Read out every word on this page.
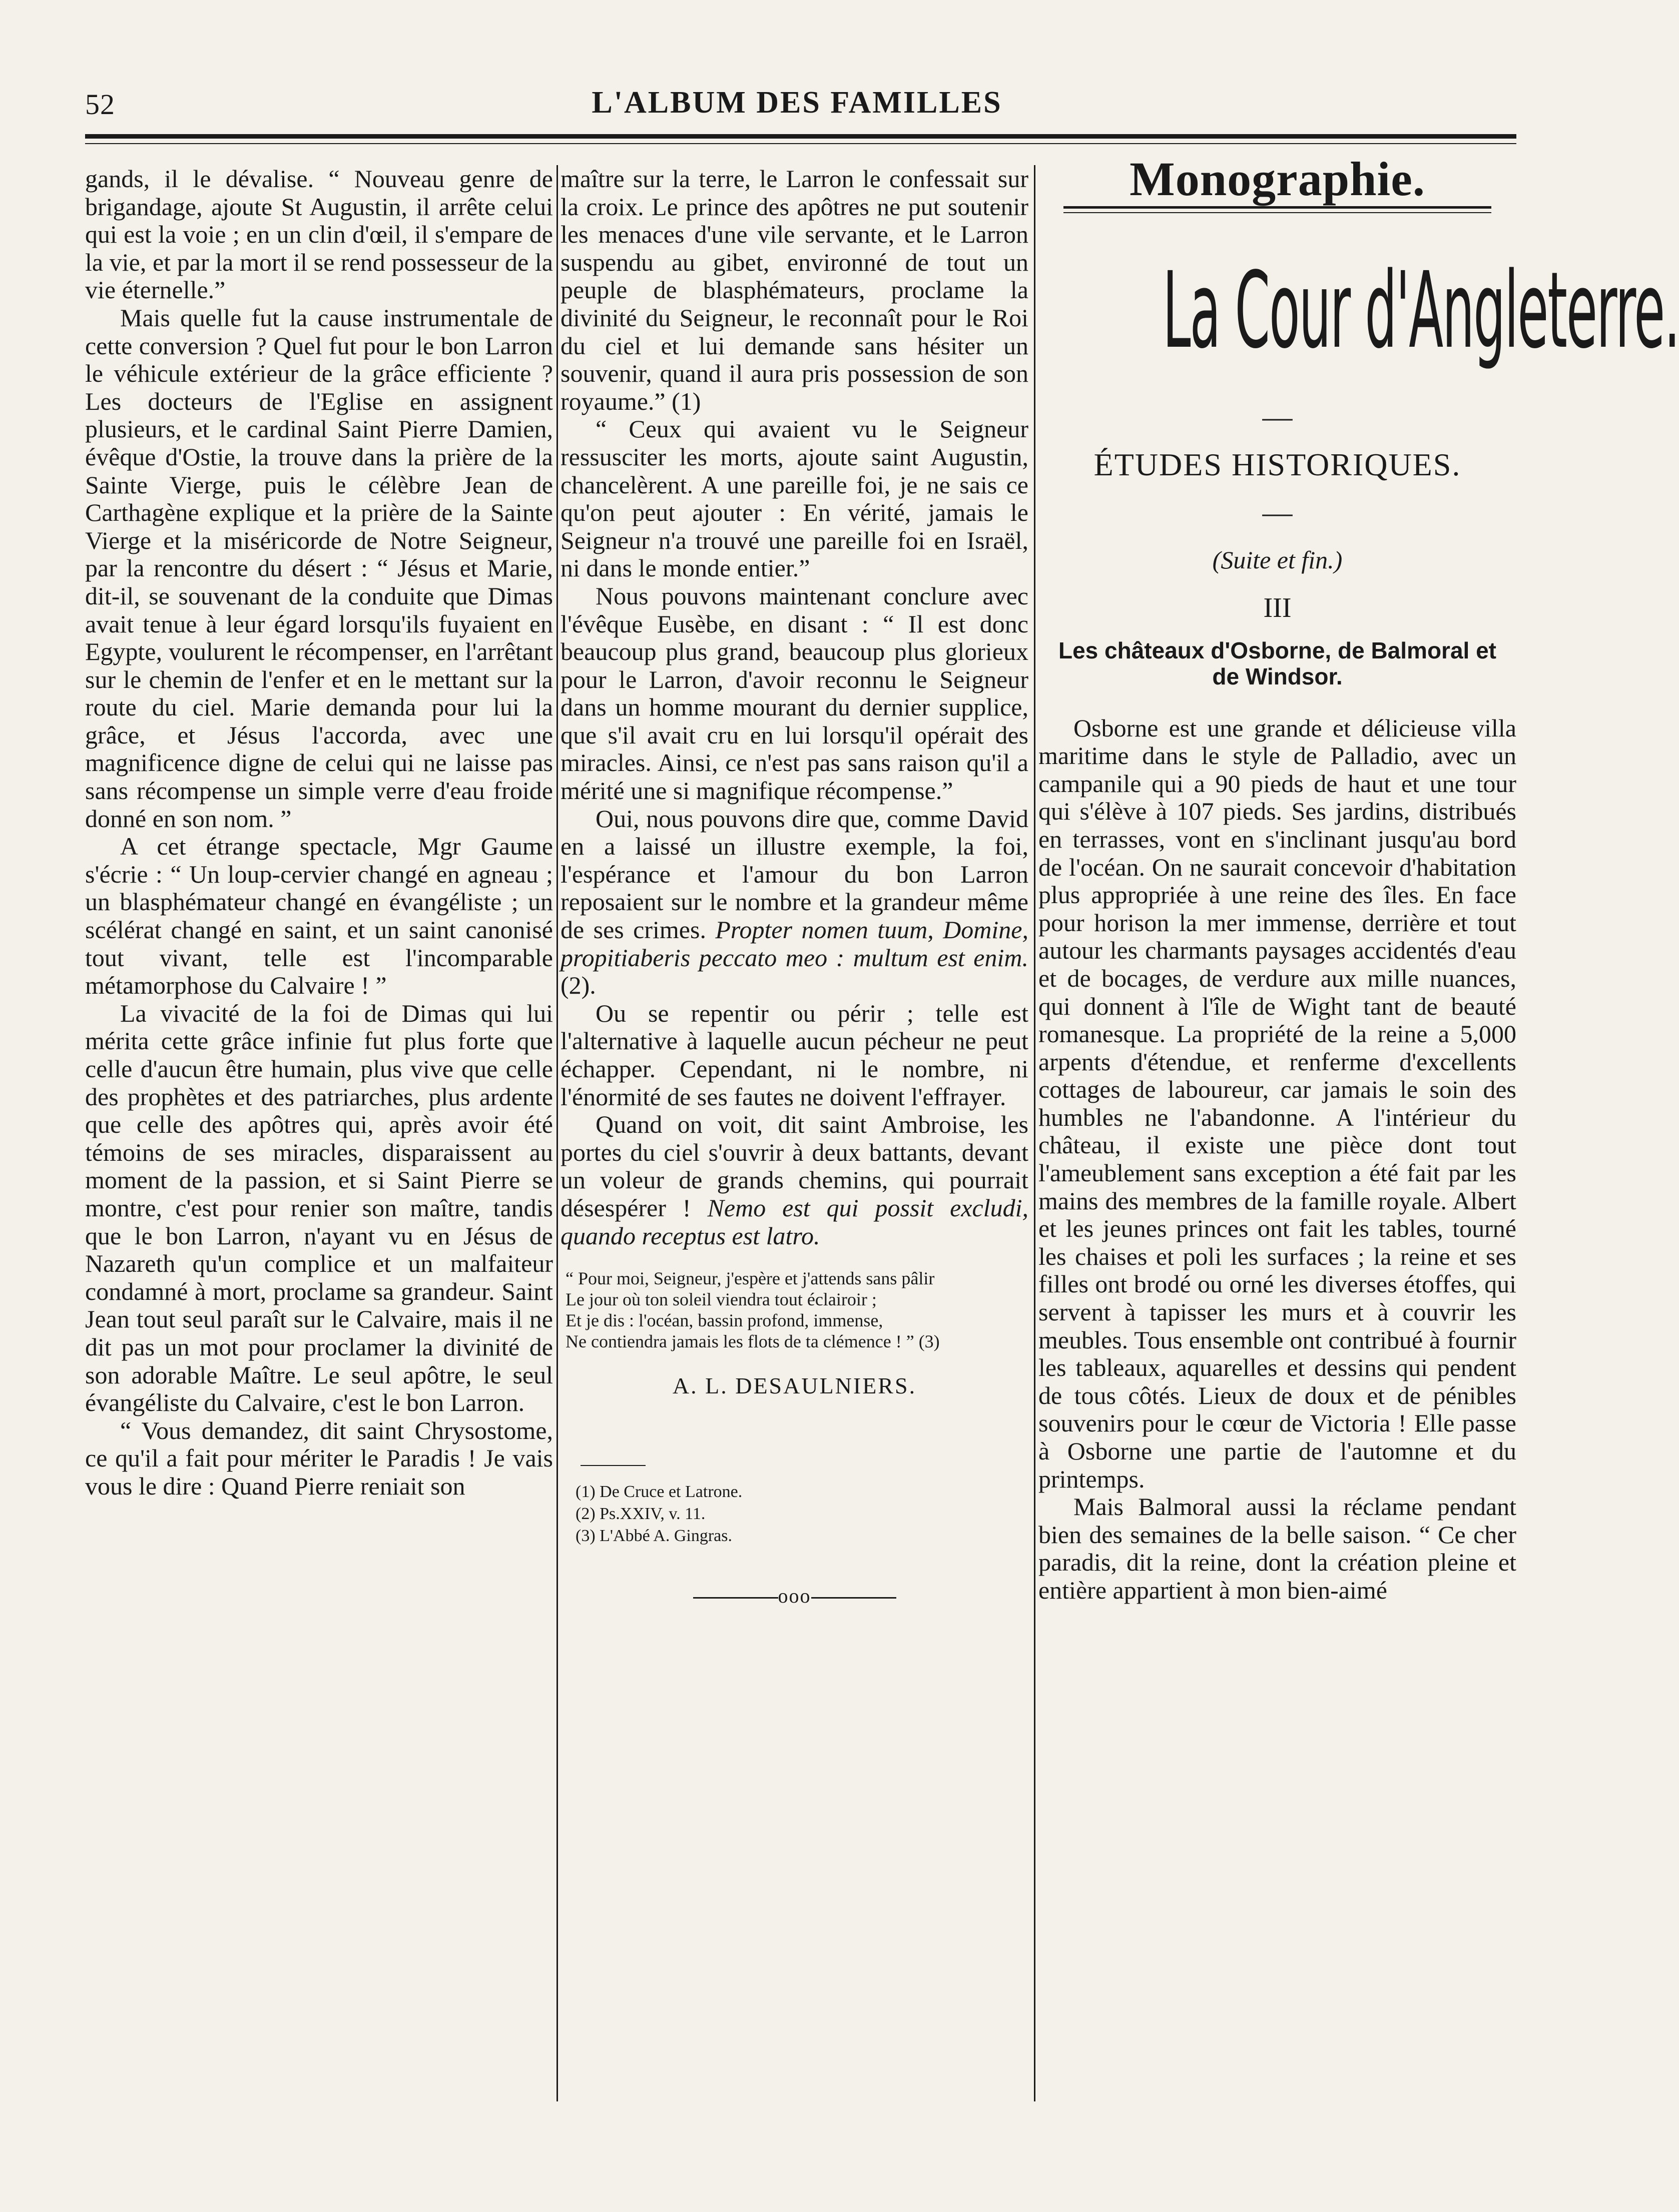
52	L'ALBUM DES FAMILLES

gands, il le dévalise. “ Nouveau genre de brigandage, ajoute St Augustin, il arrête celui qui est la voie ; en un clin d'œil, il s'empare de la vie, et par la mort il se rend possesseur de la vie éternelle.”

Mais quelle fut la cause instrumentale de cette conversion ? Quel fut pour le bon Larron le véhicule extérieur de la grâce efficiente ? Les docteurs de l'Eglise en assignent plusieurs, et le cardinal Saint Pierre Damien, évêque d'Ostie, la trouve dans la prière de la Sainte Vierge, puis le célèbre Jean de Carthagène explique et la prière de la Sainte Vierge et la miséricorde de Notre Seigneur, par la rencontre du désert : “ Jésus et Marie, dit-il, se souvenant de la conduite que Dimas avait tenue à leur égard lorsqu'ils fuyaient en Egypte, voulurent le récompenser, en l'arrêtant sur le chemin de l'enfer et en le mettant sur la route du ciel. Marie demanda pour lui la grâce, et Jésus l'accorda, avec une magnificence digne de celui qui ne laisse pas sans récompense un simple verre d'eau froide donné en son nom. ”

A cet étrange spectacle, Mgr Gaume s'écrie : “ Un loup-cervier changé en agneau ; un blasphémateur changé en évangéliste ; un scélérat changé en saint, et un saint canonisé tout vivant, telle est l'incomparable métamorphose du Calvaire ! ”

La vivacité de la foi de Dimas qui lui mérita cette grâce infinie fut plus forte que celle d'aucun être humain, plus vive que celle des prophètes et des patriarches, plus ardente que celle des apôtres qui, après avoir été témoins de ses miracles, disparaissent au moment de la passion, et si Saint Pierre se montre, c'est pour renier son maître, tandis que le bon Larron, n'ayant vu en Jésus de Nazareth qu'un complice et un malfaiteur condamné à mort, proclame sa grandeur. Saint Jean tout seul paraît sur le Calvaire, mais il ne dit pas un mot pour proclamer la divinité de son adorable Maître. Le seul apôtre, le seul évangéliste du Calvaire, c'est le bon Larron.

“ Vous demandez, dit saint Chrysostome, ce qu'il a fait pour mériter le Paradis ! Je vais vous le dire : Quand Pierre reniait son

maître sur la terre, le Larron le confessait sur la croix. Le prince des apôtres ne put soutenir les menaces d'une vile servante, et le Larron suspendu au gibet, environné de tout un peuple de blasphémateurs, proclame la divinité du Seigneur, le reconnaît pour le Roi du ciel et lui demande sans hésiter un souvenir, quand il aura pris possession de son royaume.” (1)

“ Ceux qui avaient vu le Seigneur ressusciter les morts, ajoute saint Augustin, chancelèrent. A une pareille foi, je ne sais ce qu'on peut ajouter : En vérité, jamais le Seigneur n'a trouvé une pareille foi en Israël, ni dans le monde entier.”

Nous pouvons maintenant conclure avec l'évêque Eusèbe, en disant : “ Il est donc beaucoup plus grand, beaucoup plus glorieux pour le Larron, d'avoir reconnu le Seigneur dans un homme mourant du dernier supplice, que s'il avait cru en lui lorsqu'il opérait des miracles. Ainsi, ce n'est pas sans raison qu'il a mérité une si magnifique récompense.”

Oui, nous pouvons dire que, comme David en a laissé un illustre exemple, la foi, l'espérance et l'amour du bon Larron reposaient sur le nombre et la grandeur même de ses crimes. Propter nomen tuum, Domine, propitiaberis peccato meo : multum est enim. (2).

Ou se repentir ou périr ; telle est l'alternative à laquelle aucun pécheur ne peut échapper. Cependant, ni le nombre, ni l'énormité de ses fautes ne doivent l'effrayer.

Quand on voit, dit saint Ambroise, les portes du ciel s'ouvrir à deux battants, devant un voleur de grands chemins, qui pourrait désespérer ! Nemo est qui possit excludi, quando receptus est latro.

“ Pour moi, Seigneur, j'espère et j'attends sans pâlir
Le jour où ton soleil viendra tout éclairoir ;
Et je dis : l'océan, bassin profond, immense,
Ne contiendra jamais les flots de ta clémence ! ” (3)
A. L. DESAULNIERS.
(1) De Cruce et Latrone.
(2) Ps.XXIV, v. 11.
(3) L'Abbé A. Gingras.
ooo
Monographie.
La Cour d'Angleterre.
—
ÉTUDES HISTORIQUES.
—
(Suite et fin.)
III
Les châteaux d'Osborne, de Balmoral et de Windsor.

Osborne est une grande et délicieuse villa maritime dans le style de Palladio, avec un campanile qui a 90 pieds de haut et une tour qui s'élève à 107 pieds. Ses jardins, distribués en terrasses, vont en s'inclinant jusqu'au bord de l'océan. On ne saurait concevoir d'habitation plus appropriée à une reine des îles. En face pour horison la mer immense, derrière et tout autour les charmants paysages accidentés d'eau et de bocages, de verdure aux mille nuances, qui donnent à l'île de Wight tant de beauté romanesque. La propriété de la reine a 5,000 arpents d'étendue, et renferme d'excellents cottages de laboureur, car jamais le soin des humbles ne l'abandonne. A l'intérieur du château, il existe une pièce dont tout l'ameublement sans exception a été fait par les mains des membres de la famille royale. Albert et les jeunes princes ont fait les tables, tourné les chaises et poli les surfaces ; la reine et ses filles ont brodé ou orné les diverses étoffes, qui servent à tapisser les murs et à couvrir les meubles. Tous ensemble ont contribué à fournir les tableaux, aquarelles et dessins qui pendent de tous côtés. Lieux de doux et de pénibles souvenirs pour le cœur de Victoria ! Elle passe à Osborne une partie de l'automne et du printemps.

Mais Balmoral aussi la réclame pendant bien des semaines de la belle saison. “ Ce cher paradis, dit la reine, dont la création pleine et entière appartient à mon bien-aimé
